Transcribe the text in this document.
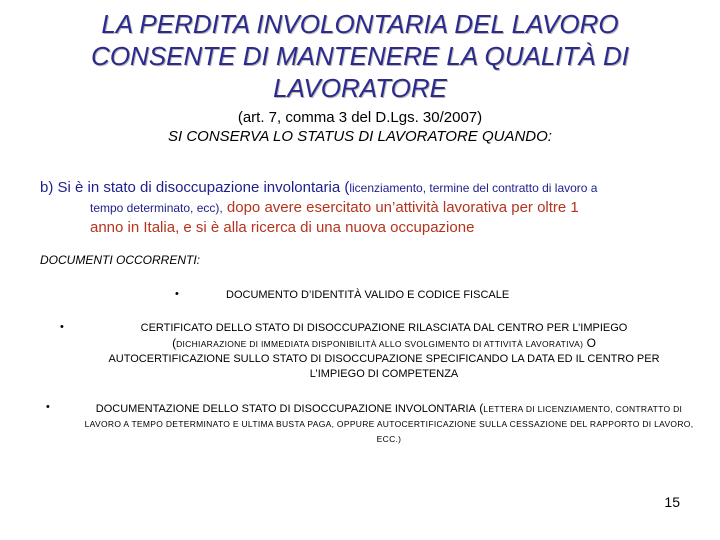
LA PERDITA INVOLONTARIA DEL LAVORO
CONSENTE DI MANTENERE LA QUALITÀ DI
LAVORATORE
(art. 7, comma 3 del D.Lgs. 30/2007)
SI CONSERVA LO STATUS DI LAVORATORE QUANDO:
b) Si è in stato di disoccupazione involontaria (licenziamento, termine del contratto di lavoro a
tempo determinato, ecc), dopo avere esercitato un’attività lavorativa per oltre 1
anno in Italia, e si è alla ricerca di una nuova occupazione
DOCUMENTI OCCORRENTI:
•	DOCUMENTO D’IDENTITÀ VALIDO E CODICE FISCALE
•	CERTIFICATO DELLO STATO DI DISOCCUPAZIONE RILASCIATA DAL CENTRO PER L’IMPIEGO
(DICHIARAZIONE DI IMMEDIATA DISPONIBILITÀ ALLO SVOLGIMENTO DI ATTIVITÀ LAVORATIVA) O
AUTOCERTIFICAZIONE SULLO STATO DI DISOCCUPAZIONE SPECIFICANDO LA DATA ED IL CENTRO PER L’IMPIEGO DI COMPETENZA
•	DOCUMENTAZIONE DELLO STATO DI DISOCCUPAZIONE INVOLONTARIA (LETTERA DI LICENZIAMENTO, CONTRATTO DI LAVORO A TEMPO DETERMINATO E ULTIMA BUSTA PAGA, OPPURE AUTOCERTIFICAZIONE SULLA CESSAZIONE DEL RAPPORTO DI LAVORO, ECC.)
15
